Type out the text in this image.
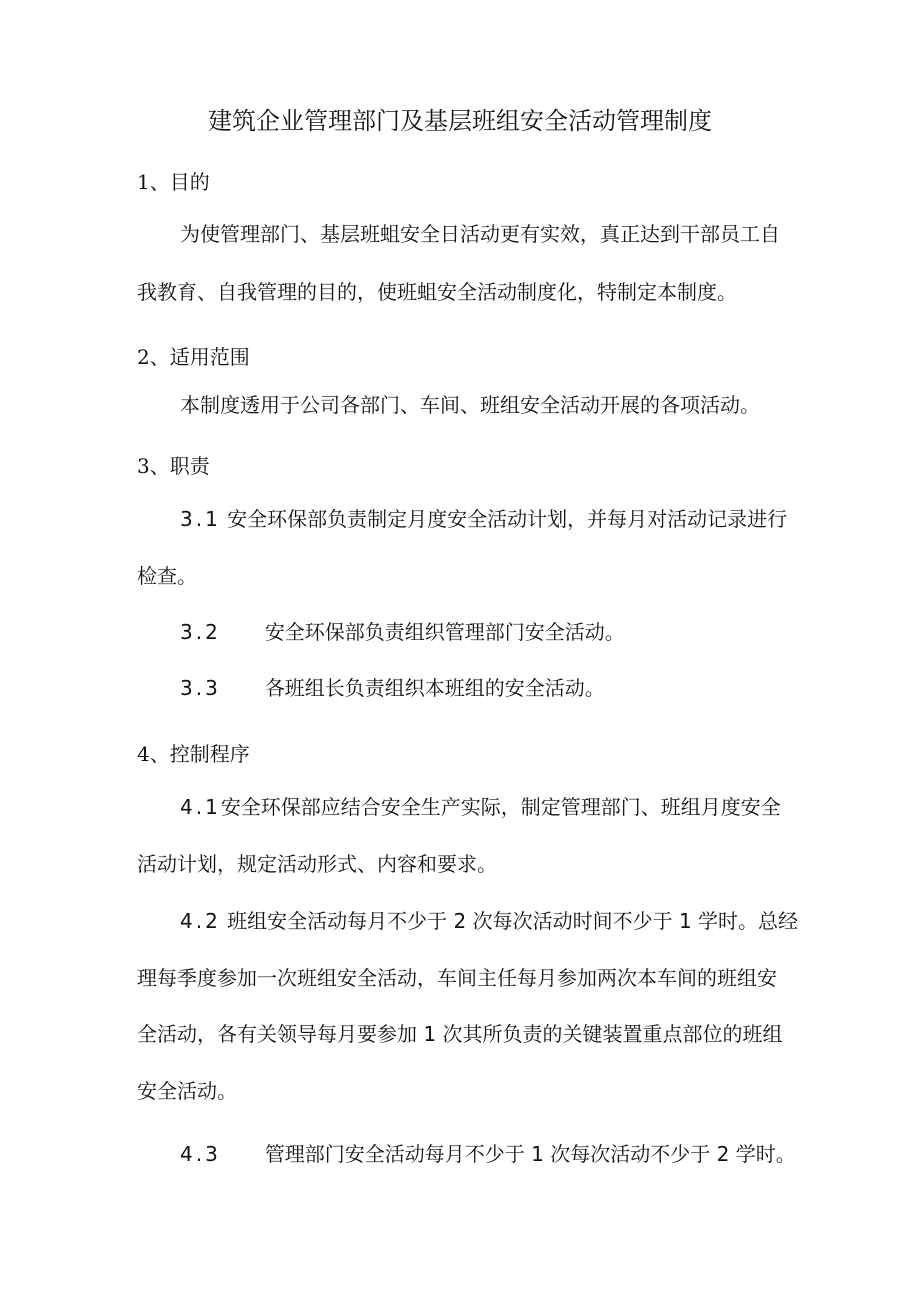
建筑企业管理部门及基层班组安全活动管理制度
1、目的
为使管理部门、基层班蛆安全日活动更有实效，真正达到干部员工自
我教育、自我管理的目的，使班蛆安全活动制度化，特制定本制度。
2、适用范围
本制度透用于公司各部门、车间、班组安全活动开展的各项活动。
3、职责
3.1 安全环保部负责制定月度安全活动计划，并每月对活动记录进行
检查。
3.2 安全环保部负责组织管理部门安全活动。
3.3 各班组长负责组织本班组的安全活动。
4、控制程序
4.1安全环保部应结合安全生产实际，制定管理部门、班组月度安全
活动计划，规定活动形式、内容和要求。
4.2 班组安全活动每月不少于 2 次每次活动时间不少于 1 学时。总经
理每季度参加一次班组安全活动，车间主任每月参加两次本车间的班组安
全活动，各有关领导每月要参加 1 次其所负责的关键装置重点部位的班组
安全活动。
4.3 管理部门安全活动每月不少于 1 次每次活动不少于 2 学时。
